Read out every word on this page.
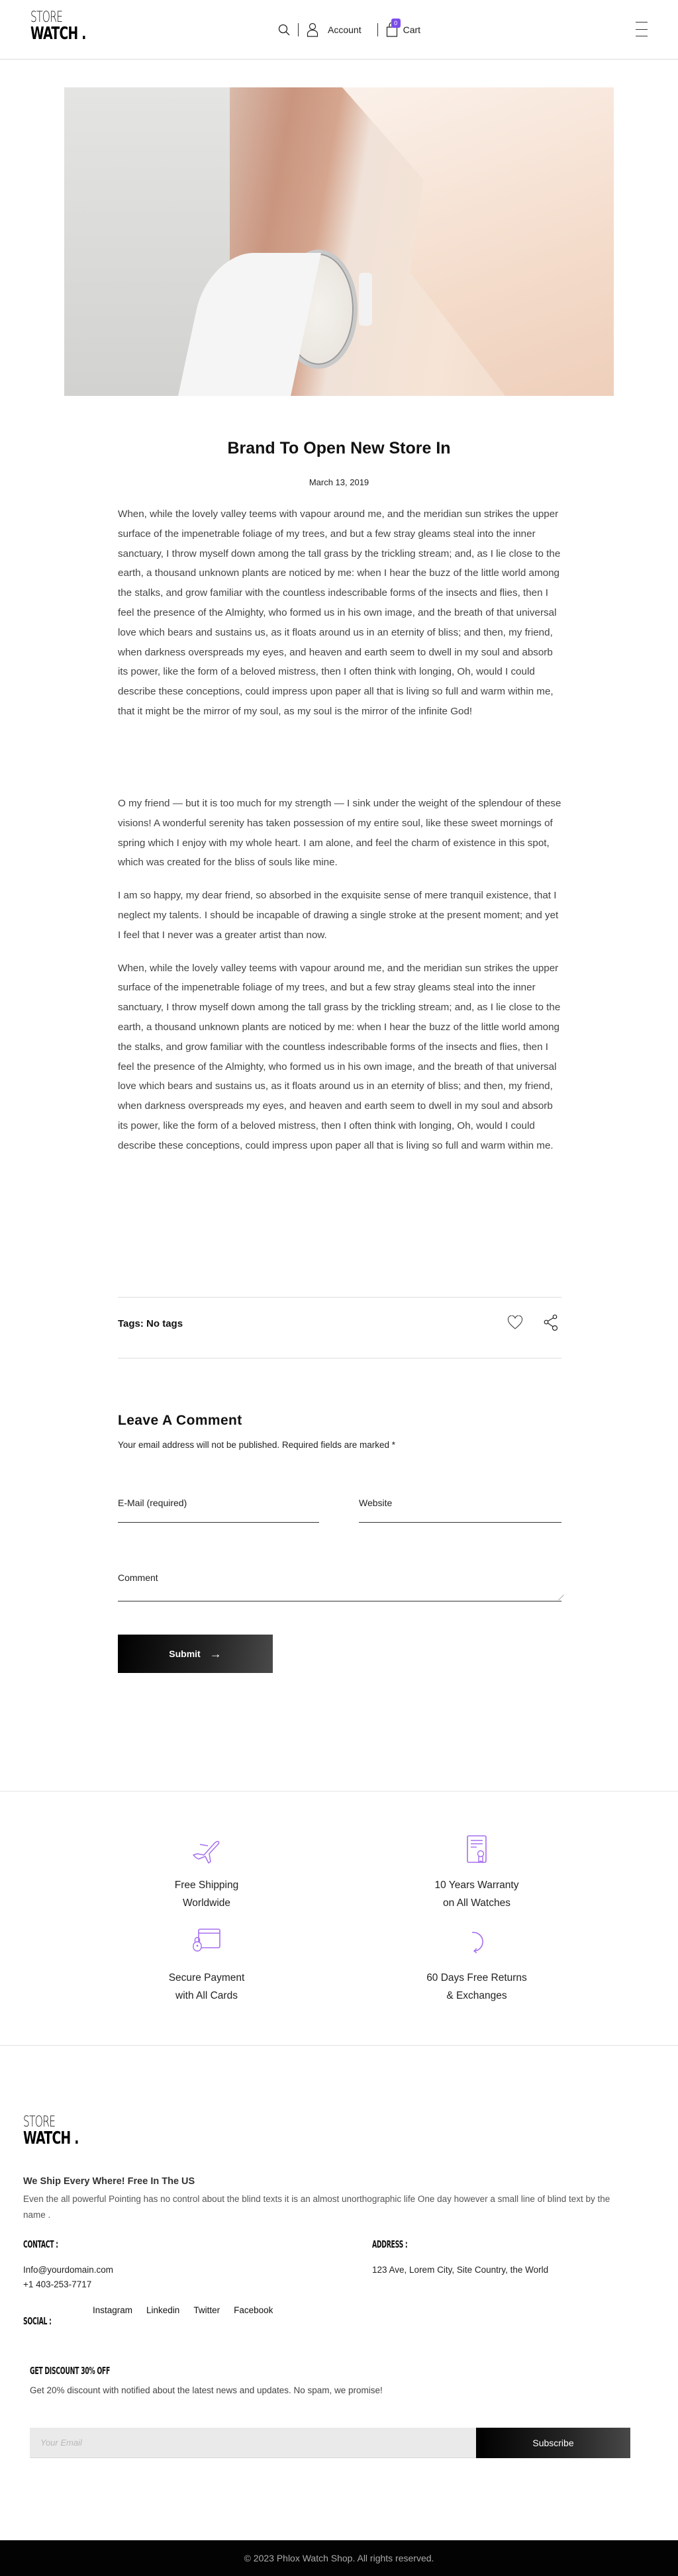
STORE
WATCH .	Account
0
Cart
Brand To Open New Store In
March 13, 2019

When, while the lovely valley teems with vapour around me, and the meridian sun strikes the upper surface of the impenetrable foliage of my trees, and but a few stray gleams steal into the inner sanctuary, I throw myself down among the tall grass by the trickling stream; and, as I lie close to the earth, a thousand unknown plants are noticed by me: when I hear the buzz of the little world among the stalks, and grow familiar with the countless indescribable forms of the insects and flies, then I feel the presence of the Almighty, who formed us in his own image, and the breath of that universal love which bears and sustains us, as it floats around us in an eternity of bliss; and then, my friend, when darkness overspreads my eyes, and heaven and earth seem to dwell in my soul and absorb its power, like the form of a beloved mistress, then I often think with longing, Oh, would I could describe these conceptions, could impress upon paper all that is living so full and warm within me, that it might be the mirror of my soul, as my soul is the mirror of the infinite God!

O my friend — but it is too much for my strength — I sink under the weight of the splendour of these visions! A wonderful serenity has taken possession of my entire soul, like these sweet mornings of spring which I enjoy with my whole heart. I am alone, and feel the charm of existence in this spot, which was created for the bliss of souls like mine.

I am so happy, my dear friend, so absorbed in the exquisite sense of mere tranquil existence, that I neglect my talents. I should be incapable of drawing a single stroke at the present moment; and yet I feel that I never was a greater artist than now.

When, while the lovely valley teems with vapour around me, and the meridian sun strikes the upper surface of the impenetrable foliage of my trees, and but a few stray gleams steal into the inner sanctuary, I throw myself down among the tall grass by the trickling stream; and, as I lie close to the earth, a thousand unknown plants are noticed by me: when I hear the buzz of the little world among the stalks, and grow familiar with the countless indescribable forms of the insects and flies, then I feel the presence of the Almighty, who formed us in his own image, and the breath of that universal love which bears and sustains us, as it floats around us in an eternity of bliss; and then, my friend, when darkness overspreads my eyes, and heaven and earth seem to dwell in my soul and absorb its power, like the form of a beloved mistress, then I often think with longing, Oh, would I could describe these conceptions, could impress upon paper all that is living so full and warm within me.

Tags: No tags
Leave A Comment
Your email address will not be published. Required fields are marked *
E-Mail (required)	Website
Comment
Submit →
Free Shipping
Worldwide
10 Years Warranty
on All Watches
Secure Payment
with All Cards
60 Days Free Returns
& Exchanges
STORE
WATCH .
We Ship Every Where! Free In The US
Even the all powerful Pointing has no control about the blind texts it is an almost unorthographic life One day however a small line of blind text by the name .
CONTACT :
Info@yourdomain.com
+1 403-253-7717
ADDRESS :
123 Ave, Lorem City, Site Country, the World
SOCIAL :
Instagram Linkedin Twitter Facebook
GET DISCOUNT 30% OFF
Get 20% discount with notified about the latest news and updates. No spam, we promise!
Your Email
Subscribe
© 2023 Phlox Watch Shop. All rights reserved.
